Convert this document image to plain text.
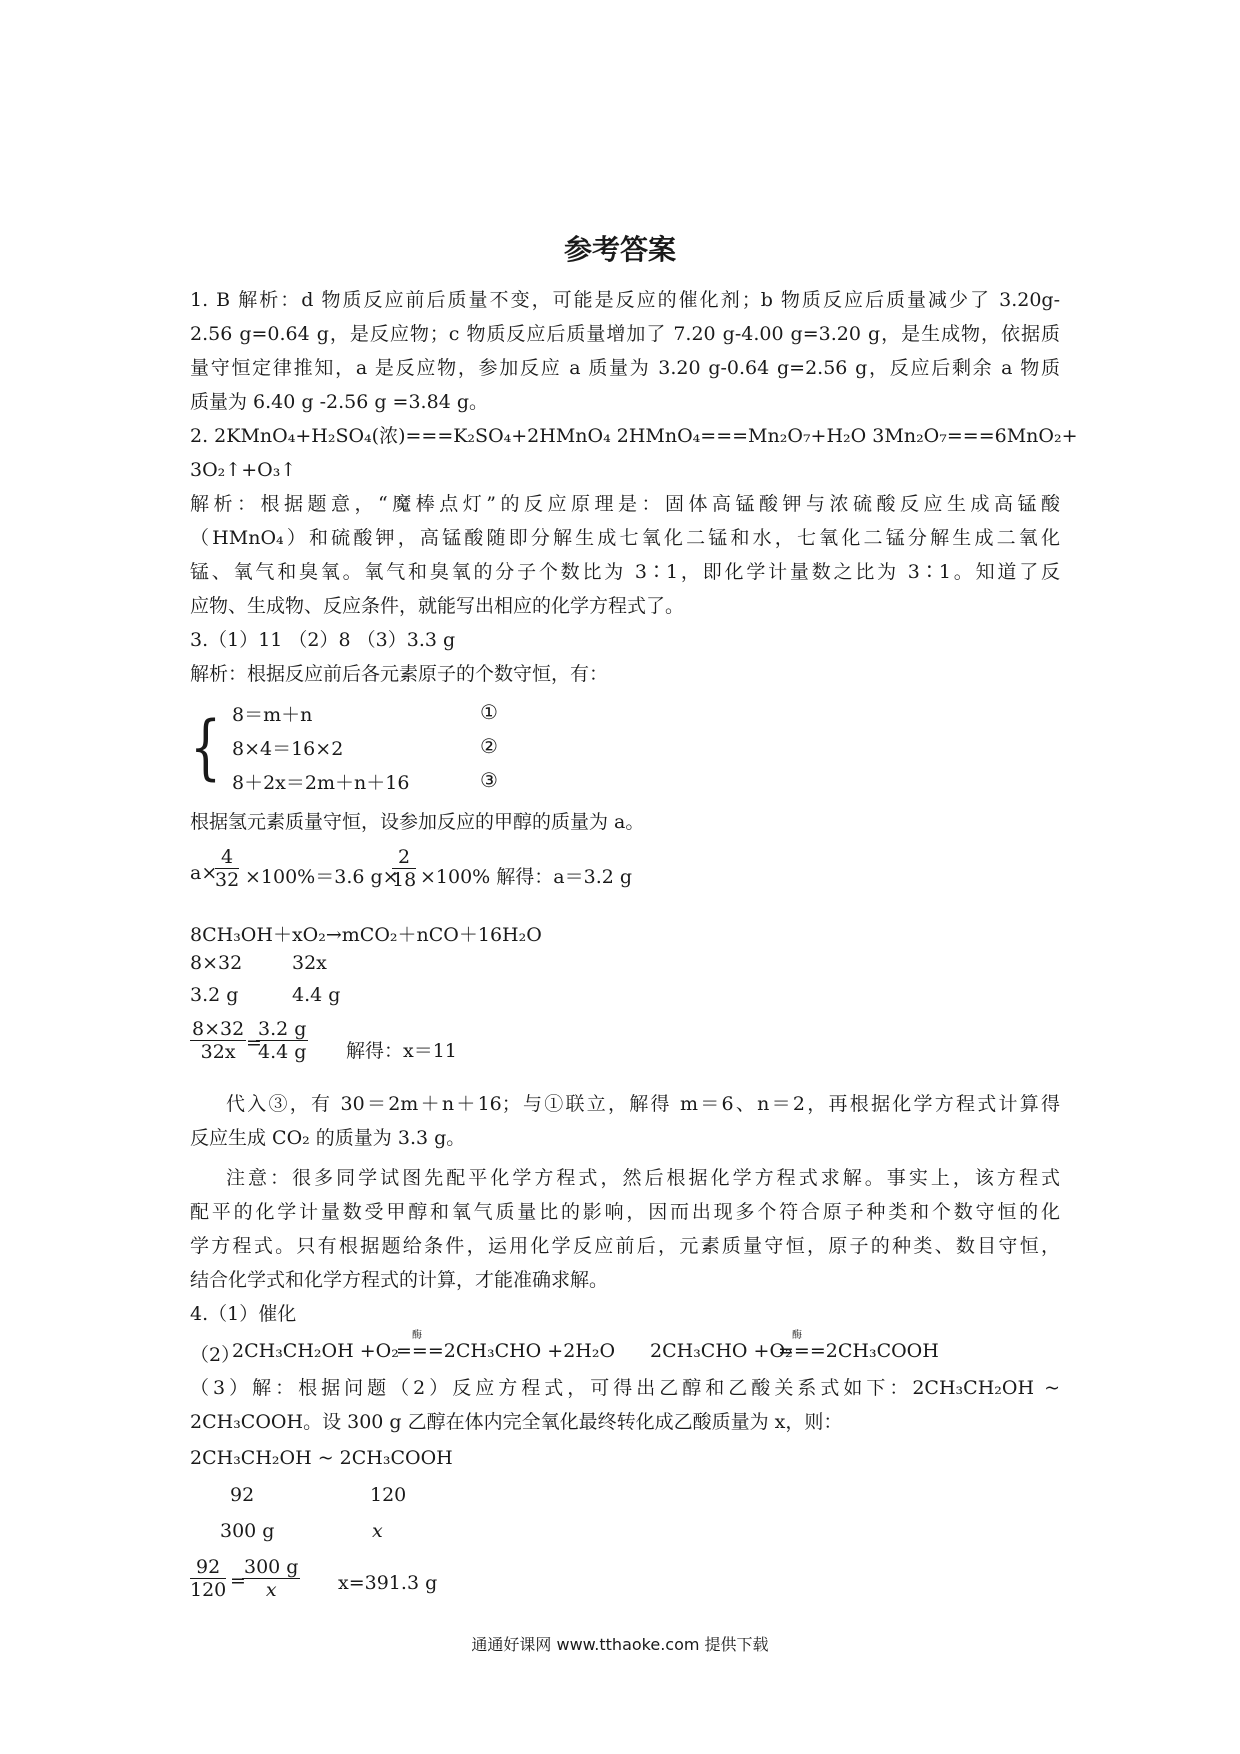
参考答案
1. B 解析：d 物质反应前后质量不变，可能是反应的催化剂；b 物质反应后质量减少了 3.20g-
2.56 g=0.64 g，是反应物；c 物质反应后质量增加了 7.20 g-4.00 g=3.20 g，是生成物，依据质
量守恒定律推知，a 是反应物，参加反应 a 质量为 3.20 g-0.64 g=2.56 g，反应后剩余 a 物质
质量为 6.40 g -2.56 g =3.84 g。
2. 2KMnO₄+H₂SO₄(浓)===K₂SO₄+2HMnO₄ 2HMnO₄===Mn₂O₇+H₂O 3Mn₂O₇===6MnO₂+
3O₂↑+O₃↑
解析：根据题意，“魔棒点灯”的反应原理是：固体高锰酸钾与浓硫酸反应生成高锰酸
（HMnO₄）和硫酸钾，高锰酸随即分解生成七氧化二锰和水，七氧化二锰分解生成二氧化
锰、氧气和臭氧。氧气和臭氧的分子个数比为 3∶1，即化学计量数之比为 3∶1。知道了反
应物、生成物、反应条件，就能写出相应的化学方程式了。
3.（1）11 （2）8 （3）3.3 g
解析：根据反应前后各元素原子的个数守恒，有：
{ 8＝m＋n
8×4＝16×2
8＋2x＝2m＋n＋16
①
②
③
根据氢元素质量守恒，设参加反应的甲醇的质量为 a。
a×
$\frac{4}{32} \times 100\%=3.6$ g×
$\frac{2}{18} \times 100\%$ 解得：a＝3.2 g
8CH₃OH＋xO₂→mCO₂＋nCO＋16H₂O
8×32	32x
3.2 g	4.4 g
$\frac{8\times 32}{32x}$ =
$\frac{3.2 g}{4.4 g}$ 解得：x＝11
代入③，有 30＝2m＋n＋16；与①联立，解得 m＝6、n＝2，再根据化学方程式计算得
反应生成 CO₂ 的质量为 3.3 g。
注意：很多同学试图先配平化学方程式，然后根据化学方程式求解。事实上，该方程式
配平的化学计量数受甲醇和氧气质量比的影响，因而出现多个符合原子种类和个数守恒的化
学方程式。只有根据题给条件，运用化学反应前后，元素质量守恒，原子的种类、数目守恒，
结合化学式和化学方程式的计算，才能准确求解。
4.（1）催化
（2）
2CH₃CH₂OH +O₂
酶
===2CH₃CHO +2H₂O 2CH₃CHO +O₂
酶
===2CH₃COOH
（3）解：根据问题（2）反应方程式，可得出乙醇和乙酸关系式如下：2CH₃CH₂OH ~
2CH₃COOH。设 300 g 乙醇在体内完全氧化最终转化成乙酸质量为 x，则：
2CH₃CH₂OH ~ 2CH₃COOH
92	120
300 g	x
$\frac{92}{120}$ =
$\frac{300 g}{x} x=391.3$ g
通通好课网 www.tthaoke.com 提供下载
